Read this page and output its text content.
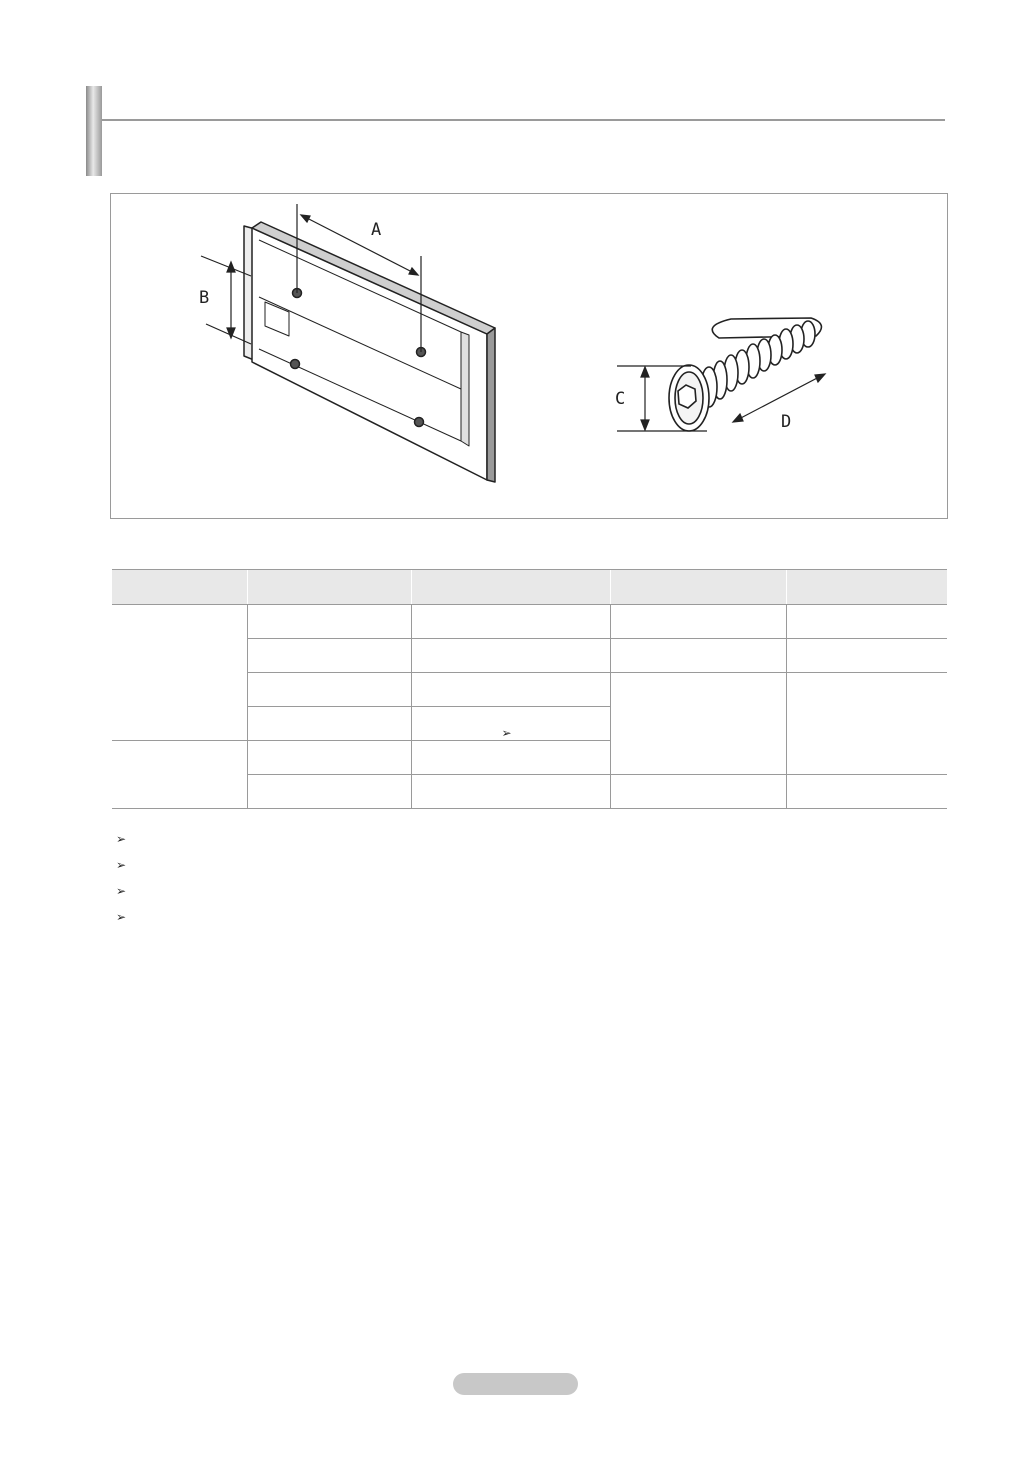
A
B
C
D

		➢		

➢
➢
➢
➢
